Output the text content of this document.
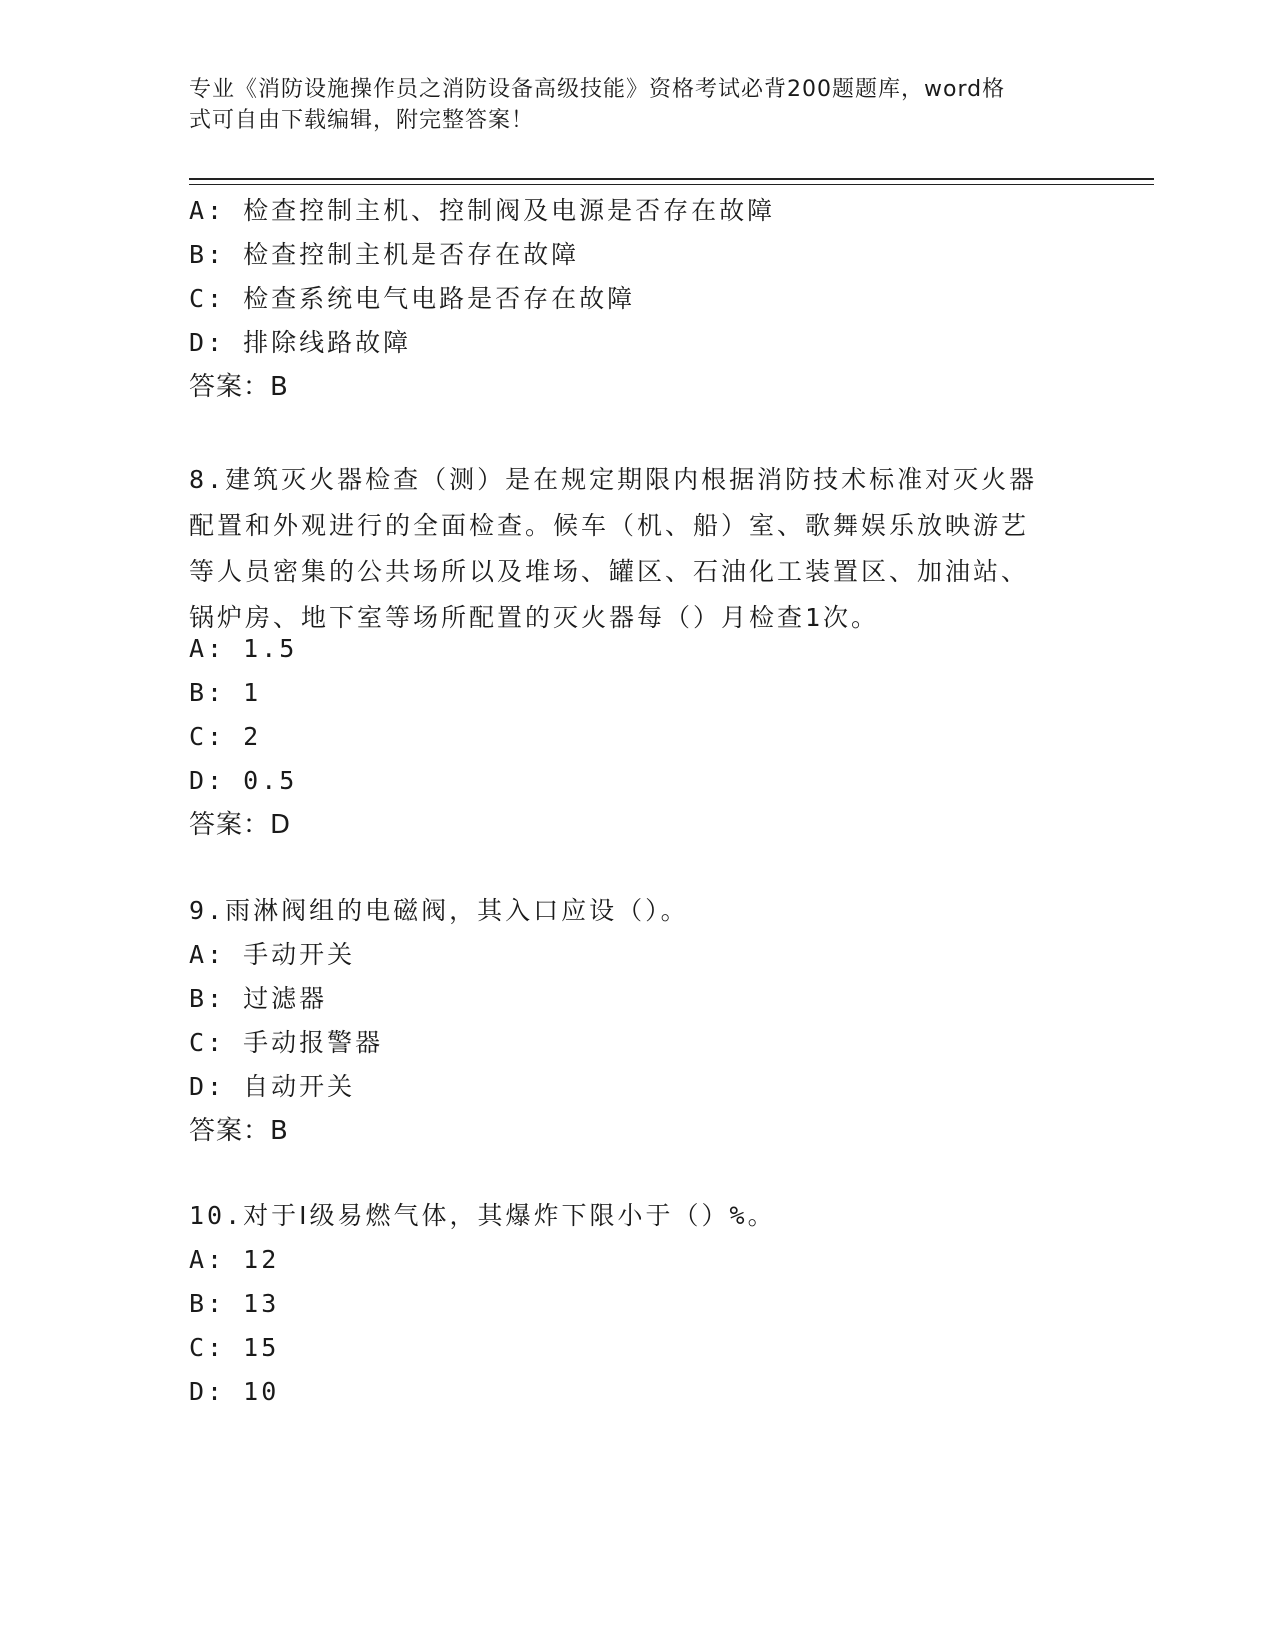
专业《消防设施操作员之消防设备高级技能》资格考试必背200题题库，word格
式可自由下载编辑，附完整答案！
A: 检查控制主机、控制阀及电源是否存在故障
B: 检查控制主机是否存在故障
C: 检查系统电气电路是否存在故障
D: 排除线路故障
答案：B
8.建筑灭火器检查（测）是在规定期限内根据消防技术标准对灭火器
配置和外观进行的全面检查。候车（机、船）室、歌舞娱乐放映游艺
等人员密集的公共场所以及堆场、罐区、石油化工装置区、加油站、
锅炉房、地下室等场所配置的灭火器每（）月检查1次。
A: 1.5
B: 1
C: 2
D: 0.5
答案：D
9.雨淋阀组的电磁阀，其入口应设（）。
A: 手动开关
B: 过滤器
C: 手动报警器
D: 自动开关
答案：B
10.对于Ⅰ级易燃气体，其爆炸下限小于（）%。
A: 12
B: 13
C: 15
D: 10
